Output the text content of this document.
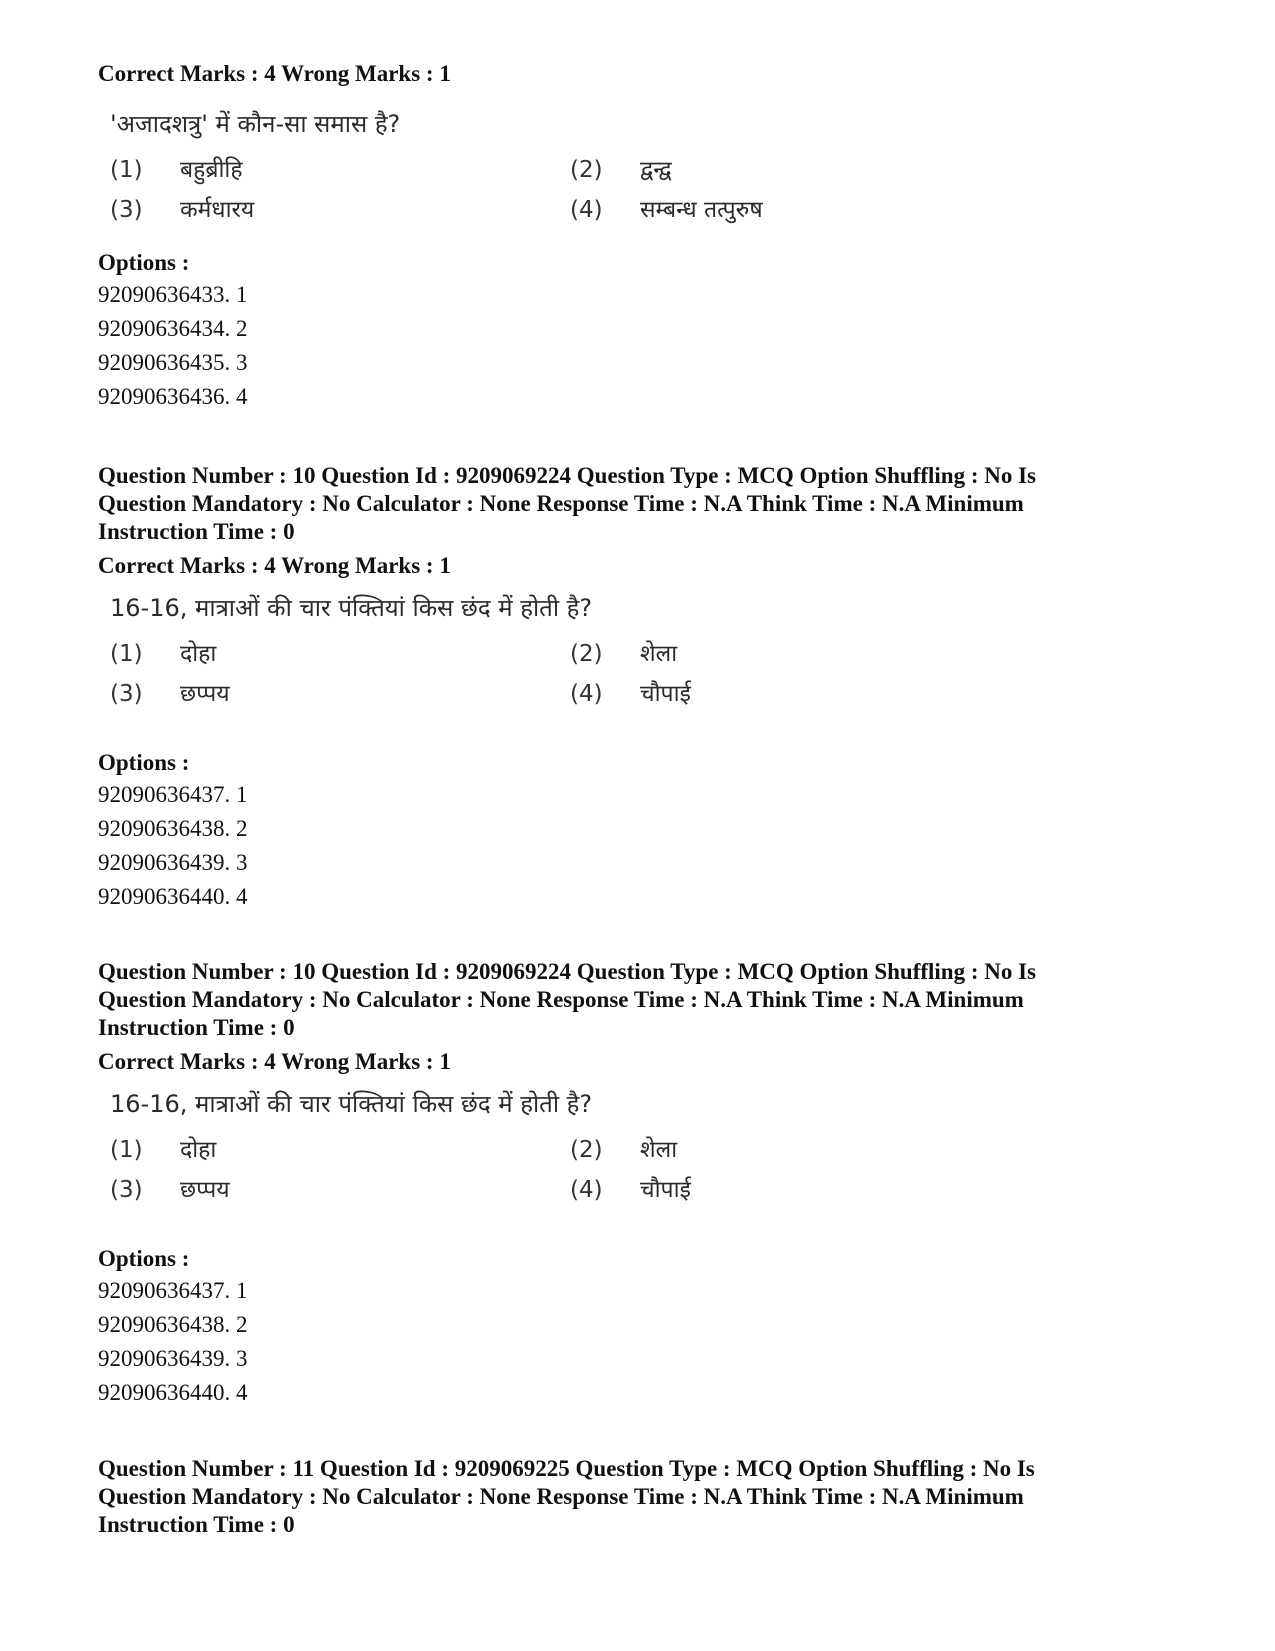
Correct Marks : 4 Wrong Marks : 1
'अजादशत्रु' में कौन-सा समास है?
(1)	बहुब्रीहि	(2)	द्वन्द्व
(3)	कर्मधारय	(4)	सम्बन्ध तत्पुरुष
Options :
92090636433. 1
92090636434. 2
92090636435. 3
92090636436. 4
Question Number : 10 Question Id : 9209069224 Question Type : MCQ Option Shuffling : No Is
Question Mandatory : No Calculator : None Response Time : N.A Think Time : N.A Minimum
Instruction Time : 0
Correct Marks : 4 Wrong Marks : 1
16-16, मात्राओं की चार पंक्तियां किस छंद में होती है?
(1)	दोहा	(2)	शेला
(3)	छप्पय	(4)	चौपाई
Options :
92090636437. 1
92090636438. 2
92090636439. 3
92090636440. 4
Question Number : 10 Question Id : 9209069224 Question Type : MCQ Option Shuffling : No Is
Question Mandatory : No Calculator : None Response Time : N.A Think Time : N.A Minimum
Instruction Time : 0
Correct Marks : 4 Wrong Marks : 1
16-16, मात्राओं की चार पंक्तियां किस छंद में होती है?
(1)	दोहा	(2)	शेला
(3)	छप्पय	(4)	चौपाई
Options :
92090636437. 1
92090636438. 2
92090636439. 3
92090636440. 4
Question Number : 11 Question Id : 9209069225 Question Type : MCQ Option Shuffling : No Is
Question Mandatory : No Calculator : None Response Time : N.A Think Time : N.A Minimum
Instruction Time : 0
